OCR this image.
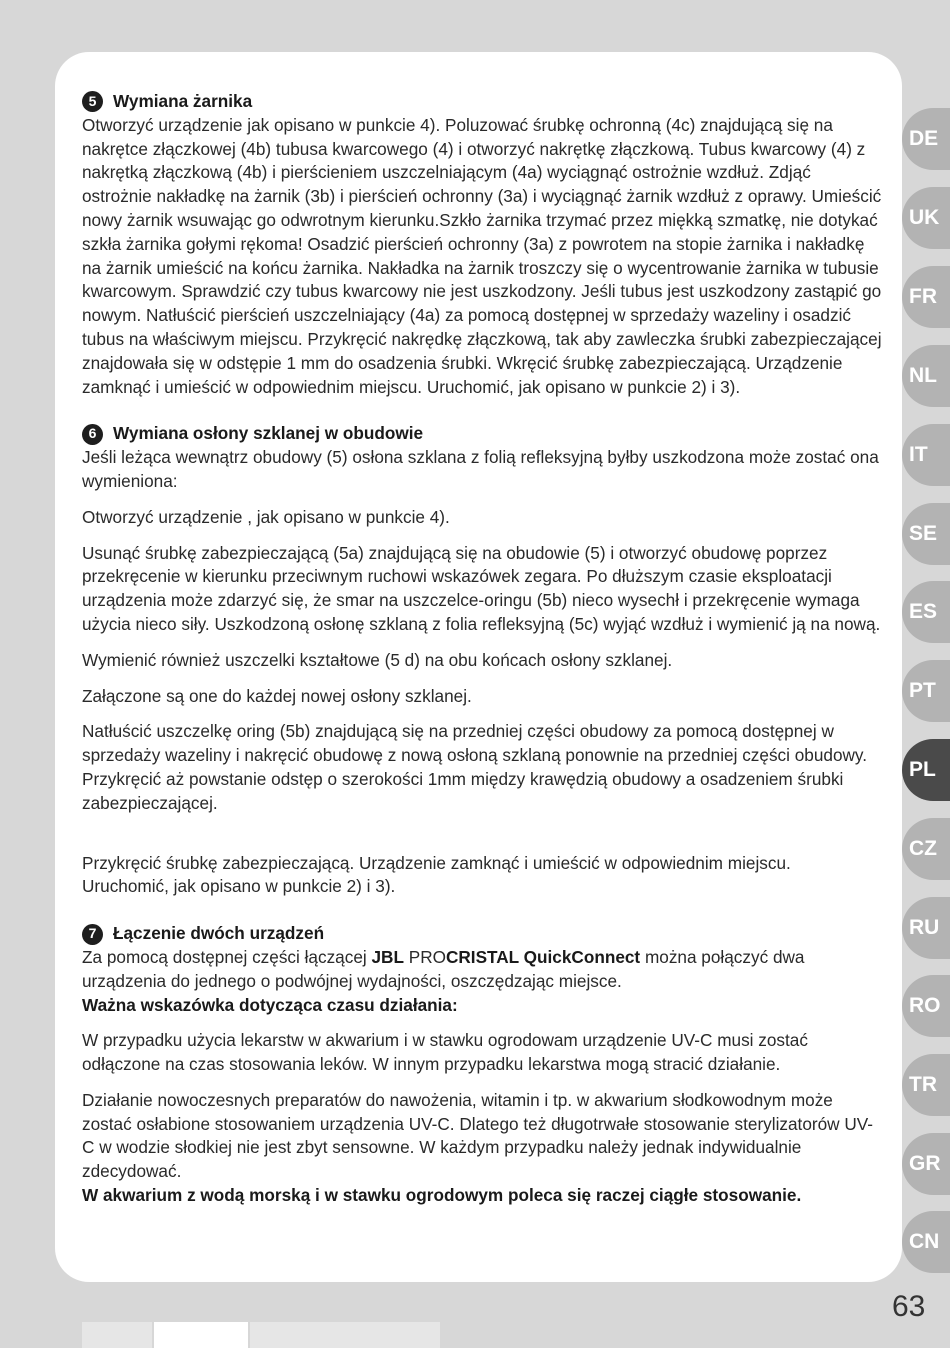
5 Wymiana żarnika

Otworzyć urządzenie jak opisano w punkcie 4). Poluzować śrubkę ochronną (4c) znajdującą się na nakrętce złączkowej (4b) tubusa kwarcowego (4) i otworzyć nakrętkę złączkową. Tubus kwarcowy (4) z nakrętką złączkową (4b) i pierścieniem uszczelniającym (4a) wyciągnąć ostrożnie wzdłuż. Zdjąć ostrożnie nakładkę na żarnik (3b) i pierścień ochronny (3a) i wyciągnąć żarnik wzdłuż z oprawy. Umieścić nowy żarnik wsuwając go odwrotnym kierunku.Szkło żarnika trzymać przez miękką szmatkę, nie dotykać szkła żarnika gołymi rękoma! Osadzić pierścień ochronny (3a) z powrotem na stopie żarnika i nakładkę na żarnik umieścić na końcu żarnika. Nakładka na żarnik troszczy się o wycentrowanie żarnika w tubusie kwarcowym. Sprawdzić czy tubus kwarcowy nie jest uszkodzony. Jeśli tubus jest uszkodzony zastąpić go nowym. Natłuścić pierścień uszczelniający (4a) za pomocą dostępnej w sprzedaży wazeliny i osadzić tubus na właściwym miejscu. Przykręcić nakrędkę złączkową, tak aby zawleczka śrubki zabezpieczającej znajdowała się w odstępie 1 mm do osadzenia śrubki. Wkręcić śrubkę zabezpieczającą. Urządzenie zamknąć i umieścić w odpowiednim miejscu. Uruchomić, jak opisano w punkcie 2) i 3).

6 Wymiana osłony szklanej w obudowie

Jeśli leżąca wewnątrz obudowy (5) osłona szklana z folią refleksyjną byłby uszkodzona może zostać ona wymieniona:

Otworzyć urządzenie , jak opisano w punkcie 4).

Usunąć śrubkę zabezpieczającą (5a) znajdującą się na obudowie (5) i otworzyć obudowę poprzez przekręcenie w kierunku przeciwnym ruchowi wskazówek zegara. Po dłuższym czasie eksploatacji urządzenia może zdarzyć się, że smar na uszczelce-oringu (5b) nieco wysechł i przekręcenie wymaga użycia nieco siły. Uszkodzoną osłonę szklaną z folia refleksyjną (5c) wyjąć wzdłuż i wymienić ją na nową.

Wymienić również uszczelki kształtowe (5 d) na obu końcach osłony szklanej.

Załączone są one do każdej nowej osłony szklanej.

Natłuścić uszczelkę oring (5b) znajdującą się na przedniej części obudowy za pomocą dostępnej w sprzedaży wazeliny i nakręcić obudowę z nową osłoną szklaną ponownie na przedniej części obudowy. Przykręcić aż powstanie odstęp o szerokości 1mm między krawędzią obudowy a osadzeniem śrubki zabezpieczającej.

Przykręcić śrubkę zabezpieczającą. Urządzenie zamknąć i umieścić w odpowiednim miejscu. Uruchomić, jak opisano w punkcie 2) i 3).

7 Łączenie dwóch urządzeń

Za pomocą dostępnej części łączącej JBL PROCRISTAL QuickConnect można połączyć dwa urządzenia do jednego o podwójnej wydajności, oszczędzając miejsce.

Ważna wskazówka dotycząca czasu działania:

W przypadku użycia lekarstw w akwarium i w stawku ogrodowam urządzenie UV-C musi zostać odłączone na czas stosowania leków. W innym przypadku lekarstwa mogą stracić działanie.

Działanie nowoczesnych preparatów do nawożenia, witamin i tp. w akwarium słodkowodnym może zostać osłabione stosowaniem urządzenia UV-C. Dlatego też długotrwałe stosowanie sterylizatorów UV-C w wodzie słodkiej nie jest zbyt sensowne. W każdym przypadku należy jednak indywidualnie zdecydować.

W akwarium z wodą morską i w stawku ogrodowym poleca się raczej ciągłe stosowanie.

DE
UK
FR
NL
IT
SE
ES
PT
PL
CZ
RU
RO
TR
GR
CN
63
